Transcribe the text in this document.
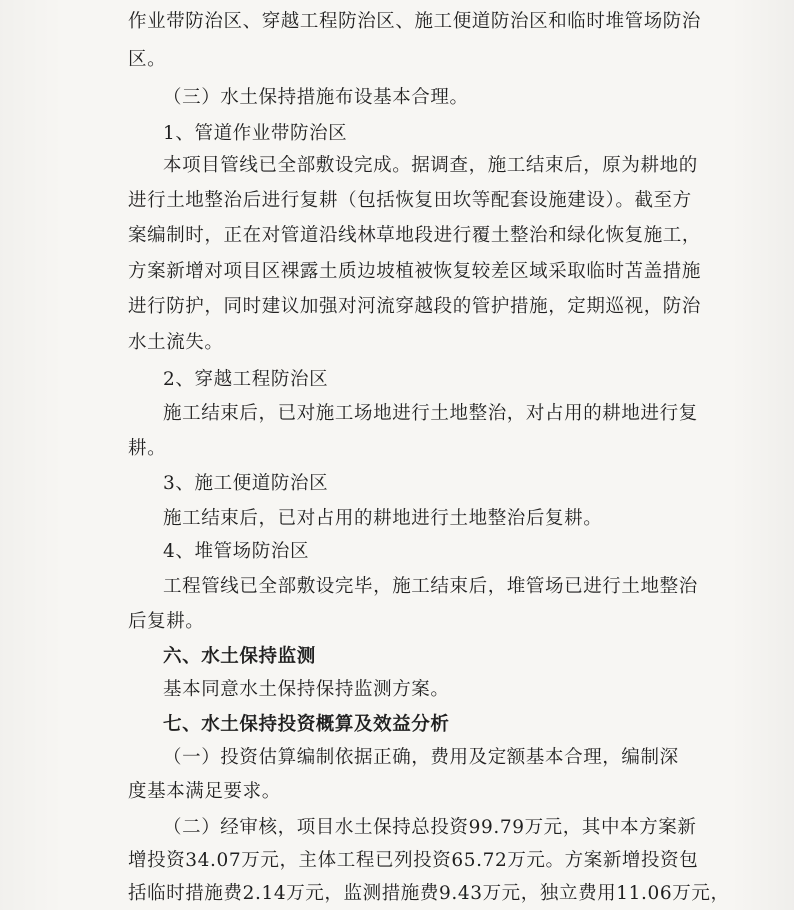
作业带防治区、穿越工程防治区、施工便道防治区和临时堆管场防治
区。
（三）水土保持措施布设基本合理。
1、管道作业带防治区
本项目管线已全部敷设完成。据调查，施工结束后，原为耕地的
进行土地整治后进行复耕（包括恢复田坎等配套设施建设）。截至方
案编制时，正在对管道沿线林草地段进行覆土整治和绿化恢复施工，
方案新增对项目区裸露土质边坡植被恢复较差区域采取临时苫盖措施
进行防护，同时建议加强对河流穿越段的管护措施，定期巡视，防治
水土流失。
2、穿越工程防治区
施工结束后，已对施工场地进行土地整治，对占用的耕地进行复
耕。
3、施工便道防治区
施工结束后，已对占用的耕地进行土地整治后复耕。
4、堆管场防治区
工程管线已全部敷设完毕，施工结束后，堆管场已进行土地整治
后复耕。
六、水土保持监测
基本同意水土保持保持监测方案。
七、水土保持投资概算及效益分析
（一）投资估算编制依据正确，费用及定额基本合理，编制深
度基本满足要求。
（二）经审核，项目水土保持总投资99.79万元，其中本方案新
增投资34.07万元，主体工程已列投资65.72万元。方案新增投资包
括临时措施费2.14万元，监测措施费9.43万元，独立费用11.06万元，
